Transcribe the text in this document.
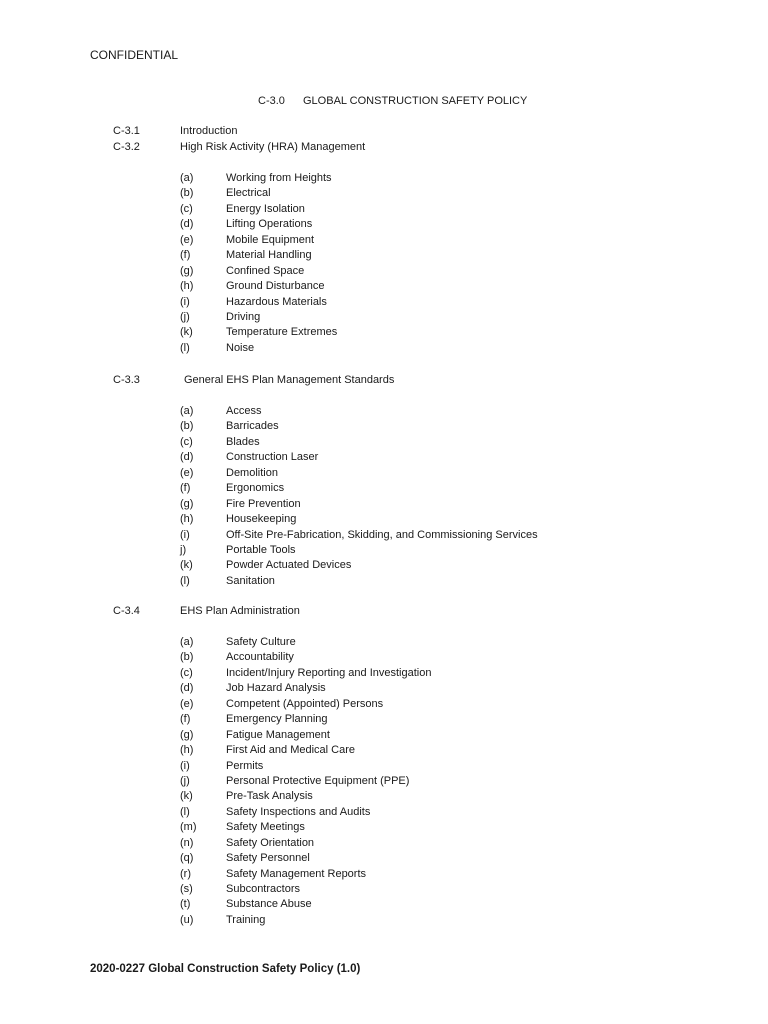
CONFIDENTIAL
C-3.0 GLOBAL CONSTRUCTION SAFETY POLICY
C-3.1	Introduction
C-3.2	High Risk Activity (HRA) Management
(a)	Working from Heights
(b)	Electrical
(c)	Energy Isolation
(d)	Lifting Operations
(e)	Mobile Equipment
(f)	Material Handling
(g)	Confined Space
(h)	Ground Disturbance
(i)	Hazardous Materials
(j)	Driving
(k)	Temperature Extremes
(l)	Noise
C-3.3	General EHS Plan Management Standards
(a)	Access
(b)	Barricades
(c)	Blades
(d)	Construction Laser
(e)	Demolition
(f)	Ergonomics
(g)	Fire Prevention
(h)	Housekeeping
(i)	Off-Site Pre-Fabrication, Skidding, and Commissioning Services
j)	Portable Tools
(k)	Powder Actuated Devices
(l)	Sanitation
C-3.4	EHS Plan Administration
(a)	Safety Culture
(b)	Accountability
(c)	Incident/Injury Reporting and Investigation
(d)	Job Hazard Analysis
(e)	Competent (Appointed) Persons
(f)	Emergency Planning
(g)	Fatigue Management
(h)	First Aid and Medical Care
(i)	Permits
(j)	Personal Protective Equipment (PPE)
(k)	Pre-Task Analysis
(l)	Safety Inspections and Audits
(m)	Safety Meetings
(n)	Safety Orientation
(q)	Safety Personnel
(r)	Safety Management Reports
(s)	Subcontractors
(t)	Substance Abuse
(u)	Training
2020-0227 Global Construction Safety Policy (1.0)
